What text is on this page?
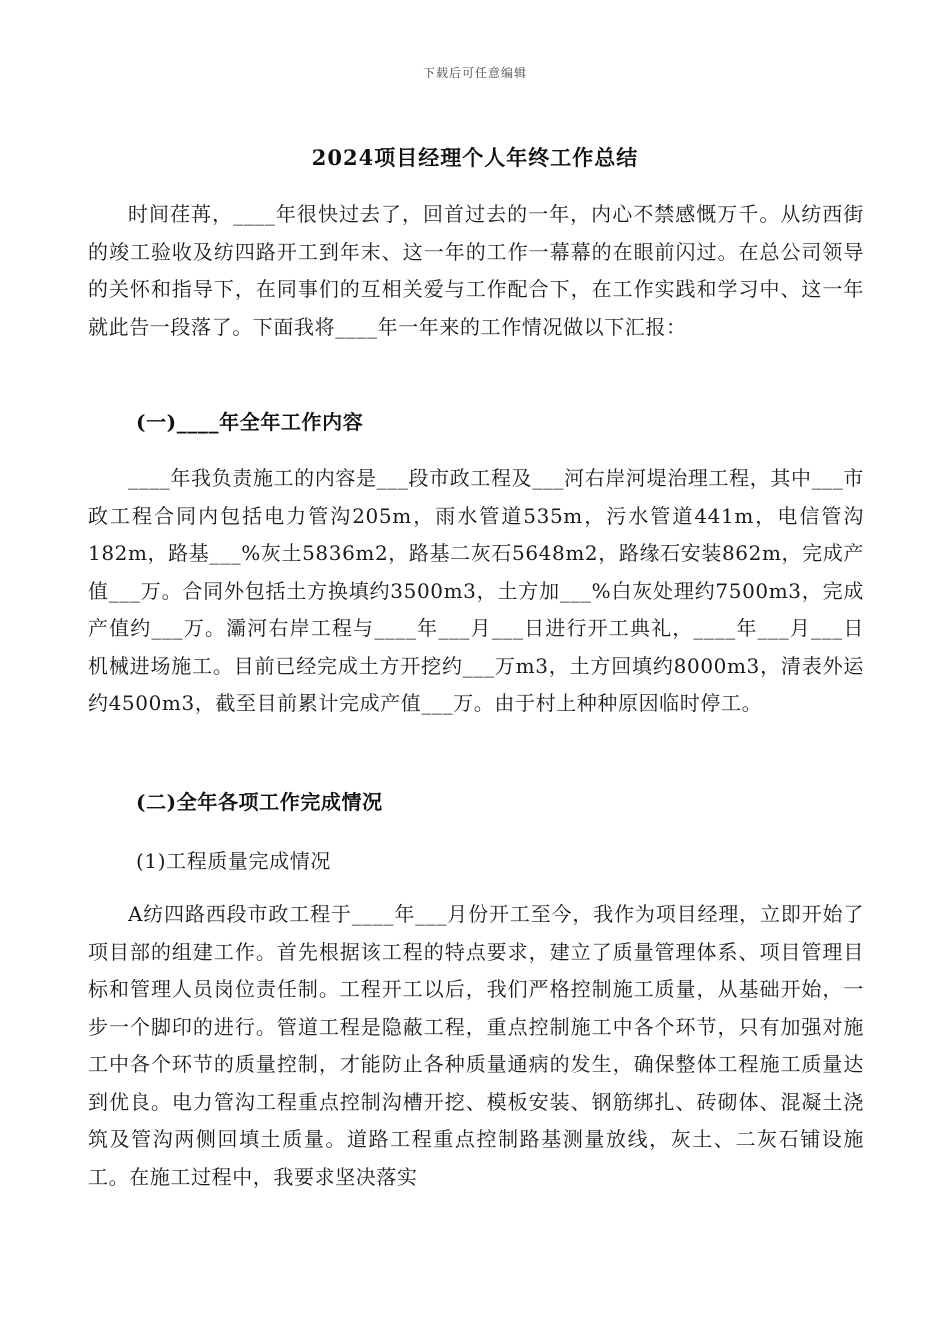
下载后可任意编辑
2024项目经理个人年终工作总结

时间荏苒，____年很快过去了，回首过去的一年，内心不禁感慨万千。从纺西街的竣工验收及纺四路开工到年末、这一年的工作一幕幕的在眼前闪过。在总公司领导的关怀和指导下，在同事们的互相关爱与工作配合下，在工作实践和学习中、这一年就此告一段落了。下面我将____年一年来的工作情况做以下汇报：

(一)____年全年工作内容

____年我负责施工的内容是___段市政工程及___河右岸河堤治理工程，其中___市政工程合同内包括电力管沟205m，雨水管道535m，污水管道441m，电信管沟182m，路基___%灰土5836m2，路基二灰石5648m2，路缘石安装862m，完成产值___万。合同外包括土方换填约3500m3，土方加___%白灰处理约7500m3，完成产值约___万。灞河右岸工程与____年___月___日进行开工典礼，____年___月___日机械进场施工。目前已经完成土方开挖约___万m3，土方回填约8000m3，清表外运约4500m3，截至目前累计完成产值___万。由于村上种种原因临时停工。

(二)全年各项工作完成情况
(1)工程质量完成情况

A纺四路西段市政工程于____年___月份开工至今，我作为项目经理，立即开始了项目部的组建工作。首先根据该工程的特点要求，建立了质量管理体系、项目管理目标和管理人员岗位责任制。工程开工以后，我们严格控制施工质量，从基础开始，一步一个脚印的进行。管道工程是隐蔽工程，重点控制施工中各个环节，只有加强对施工中各个环节的质量控制，才能防止各种质量通病的发生，确保整体工程施工质量达到优良。电力管沟工程重点控制沟槽开挖、模板安装、钢筋绑扎、砖砌体、混凝土浇筑及管沟两侧回填土质量。道路工程重点控制路基测量放线，灰土、二灰石铺设施工。在施工过程中，我要求坚决落实
